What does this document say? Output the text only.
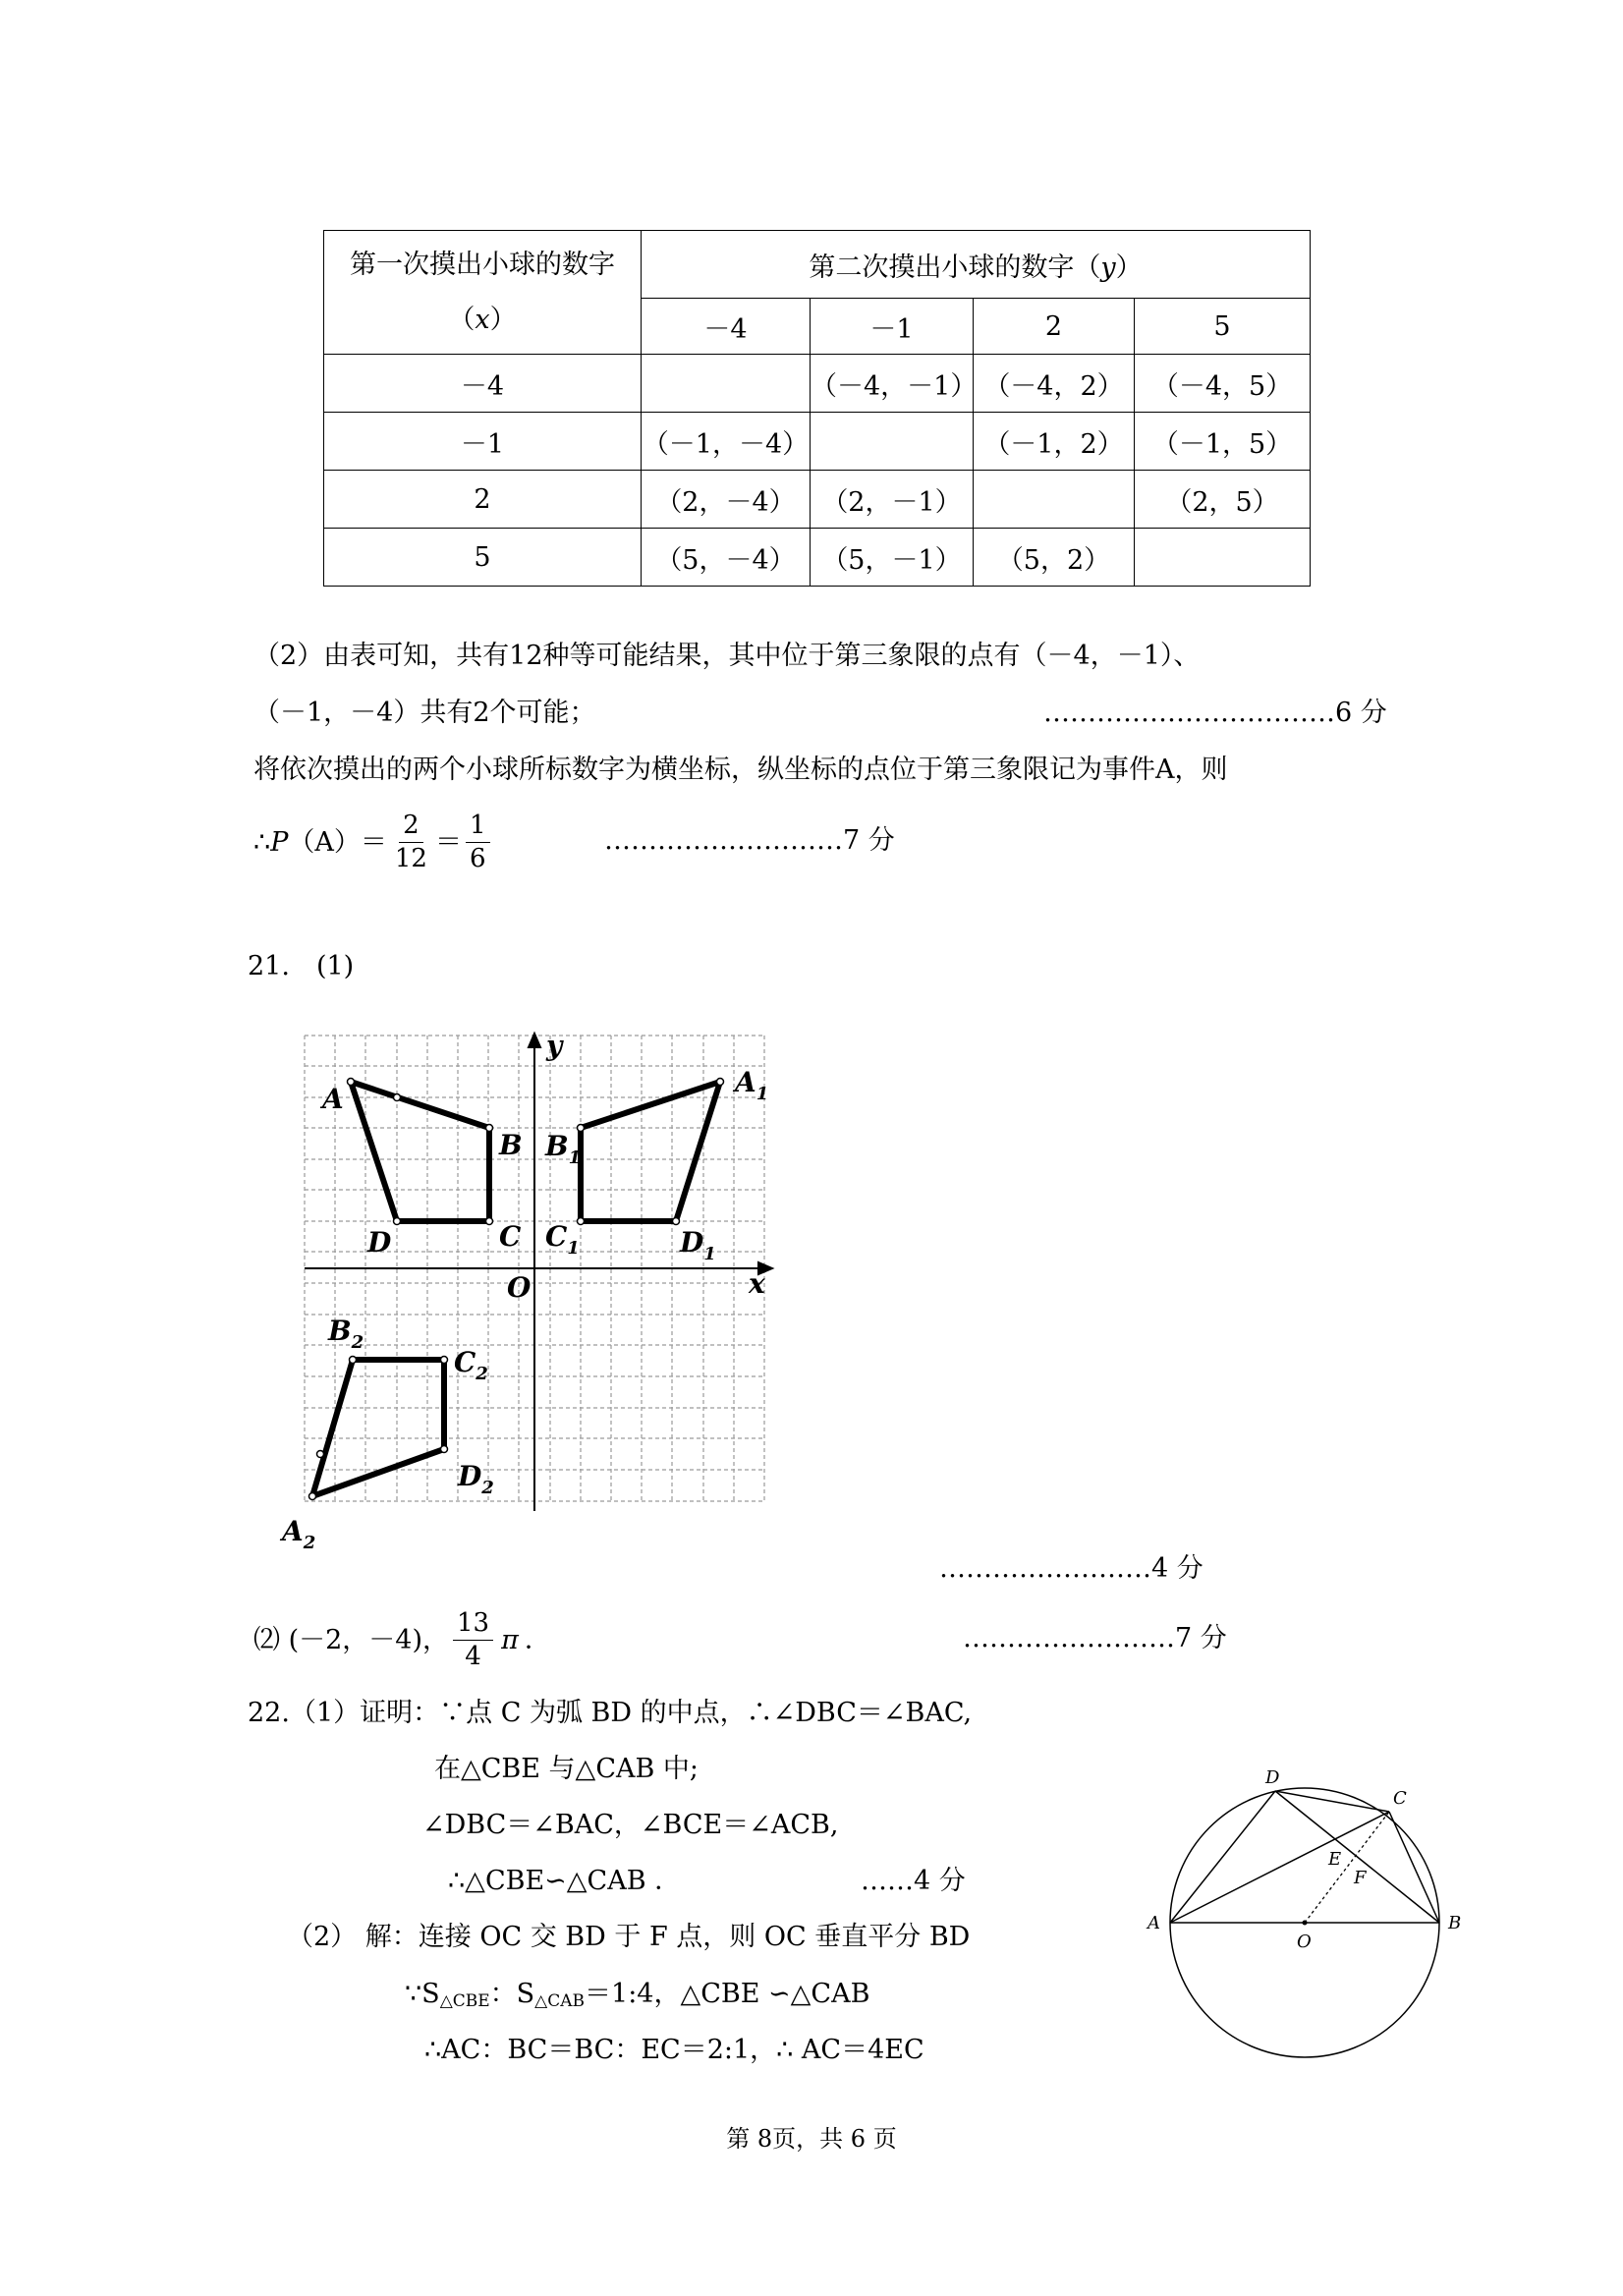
第一次摸出小球的数字
（x）	第二次摸出小球的数字（y）			
	－4	－1	2	5
－4		（－4，－1）	（－4，2）	（－4，5）
－1	（－1，－4）		（－1，2）	（－1，5）
2	（2，－4）	（2，－1）		（2，5）
5	（5，－4）	（5，－1）	（5，2）	
（2）由表可知，共有12种等可能结果，其中位于第三象限的点有（－4，－1）、
（－1，－4）共有2个可能；	……………………………6 分
将依次摸出的两个小球所标数字为横坐标，纵坐标的点位于第三象限记为事件A，则
∴ P $(A)= \frac{2}{12} = \frac{1}{6}$	………………………7 分
21.　(1)
y
x
O
A
B
C
D
$A_1$
$B_1$
$C_1$	$D_1$
$B_2$
$C_2$
$D_2$
$A_2$
……………………4 分
⑵ (－2，－4)， $\frac{13}{4}$ π ．	……………………7 分
22.（1）证明：∵点 C 为弧 BD 的中点，∴∠DBC＝∠BAC,
在△CBE 与△CAB 中;
∠DBC＝∠BAC，∠BCE＝∠ACB,
∴△CBE∽△CAB ．	……4 分
（2） 解：连接 OC 交 BD 于 F 点，则 OC 垂直平分 BD
$\because S_{\triangle CBE}$：$S_{\triangle CAB}=1:4$，△CBE ∽△CAB
∴AC：BC＝BC：EC＝2:1，∴ AC＝4EC
D
C
E
F
A	B
O
第 8页，共 6 页
